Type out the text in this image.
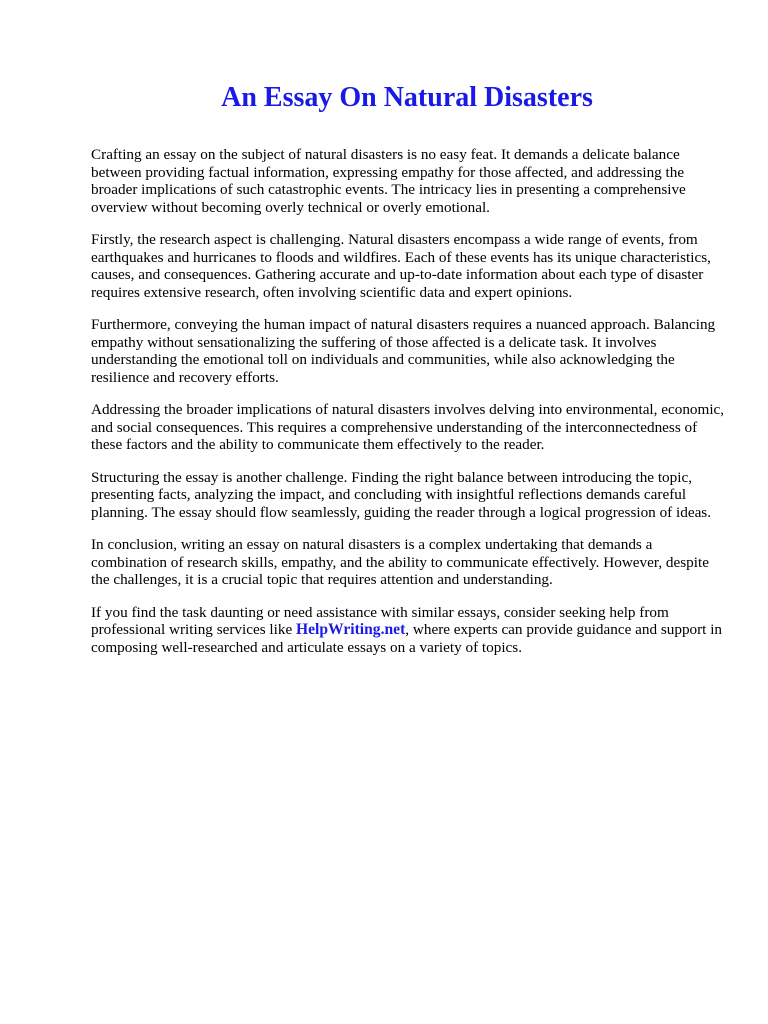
An Essay On Natural Disasters

Crafting an essay on the subject of natural disasters is no easy feat. It demands a delicate balance between providing factual information, expressing empathy for those affected, and addressing the broader implications of such catastrophic events. The intricacy lies in presenting a comprehensive overview without becoming overly technical or overly emotional.

Firstly, the research aspect is challenging. Natural disasters encompass a wide range of events, from earthquakes and hurricanes to floods and wildfires. Each of these events has its unique characteristics, causes, and consequences. Gathering accurate and up-to-date information about each type of disaster requires extensive research, often involving scientific data and expert opinions.

Furthermore, conveying the human impact of natural disasters requires a nuanced approach. Balancing empathy without sensationalizing the suffering of those affected is a delicate task. It involves understanding the emotional toll on individuals and communities, while also acknowledging the resilience and recovery efforts.

Addressing the broader implications of natural disasters involves delving into environmental, economic, and social consequences. This requires a comprehensive understanding of the interconnectedness of these factors and the ability to communicate them effectively to the reader.

Structuring the essay is another challenge. Finding the right balance between introducing the topic, presenting facts, analyzing the impact, and concluding with insightful reflections demands careful planning. The essay should flow seamlessly, guiding the reader through a logical progression of ideas.

In conclusion, writing an essay on natural disasters is a complex undertaking that demands a combination of research skills, empathy, and the ability to communicate effectively. However, despite the challenges, it is a crucial topic that requires attention and understanding.

If you find the task daunting or need assistance with similar essays, consider seeking help from professional writing services like HelpWriting.net, where experts can provide guidance and support in composing well-researched and articulate essays on a variety of topics.
